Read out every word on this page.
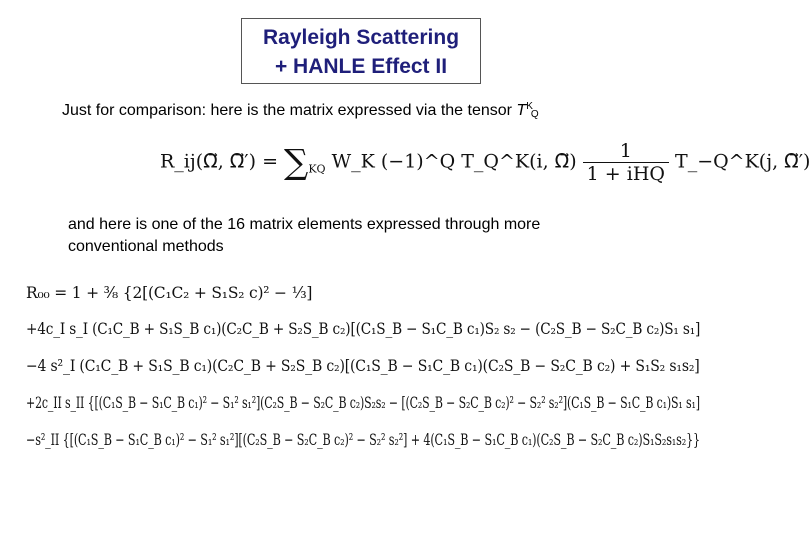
Rayleigh Scattering
+ HANLE Effect II
Just for comparison: here is the matrix expressed via the tensor $T^K_Q$
R_ij(Ω⃗, Ω⃗′) = $\sum_{KQ}$ W_K (−1)^Q T_Q^K(i, Ω⃗) $\frac{1}{\text{1 + iHQ}}$ T_−Q^K(j, Ω⃗′)
and here is one of the 16 matrix elements expressed through more conventional methods
R₀₀ = 1 + ³⁄₈ {2[(C₁C₂ + S₁S₂ c)² − ⅓]
+4c_I s_I (C₁C_B + S₁S_B c₁)(C₂C_B + S₂S_B c₂)[(C₁S_B − S₁C_B c₁)S₂ s₂ − (C₂S_B − S₂C_B c₂)S₁ s₁]
−4 s²_I (C₁C_B + S₁S_B c₁)(C₂C_B + S₂S_B c₂)[(C₁S_B − S₁C_B c₁)(C₂S_B − S₂C_B c₂) + S₁S₂ s₁s₂]
+2c_II s_II {[(C₁S_B − S₁C_B c₁)² − S₁² s₁²](C₂S_B − S₂C_B c₂)S₂s₂ − [(C₂S_B − S₂C_B c₂)² − S₂² s₂²](C₁S_B − S₁C_B c₁)S₁ s₁]
−s²_II {[(C₁S_B − S₁C_B c₁)² − S₁² s₁²][(C₂S_B − S₂C_B c₂)² − S₂² s₂²] + 4(C₁S_B − S₁C_B c₁)(C₂S_B − S₂C_B c₂)S₁S₂s₁s₂}}
